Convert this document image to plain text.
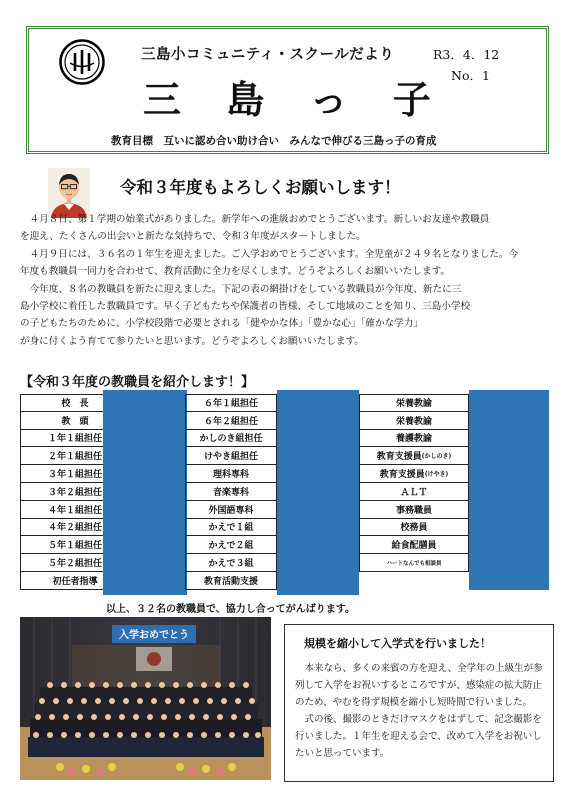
三島小コミュニティ・スクールだより
三 島 っ 子
R3．4．12
No．1
教育目標　互いに認め合い助け合い　みんなで伸びる三島っ子の育成
令和３年度もよろしくお願いします！

４月８日、第１学期の始業式がありました。新学年への進級おめでとうございます。新しいお友達や教職員

を迎え、たくさんの出会いと新たな気持ちで、令和３年度がスタートしました。

４月９日には、３６名の１年生を迎えました。ご入学おめでとうございます。全児童が２４９名となりました。今

年度も教職員一同力を合わせて、教育活動に全力を尽くします。どうぞよろしくお願いいたします。

今年度、８名の教職員を新たに迎えました。下記の表の網掛けをしている教職員が今年度、新たに三

島小学校に着任した教職員です。早く子どもたちや保護者の皆様、そして地域のことを知り、三島小学校

の子どもたちのために、小学校段階で必要とされる「健やかな体」「豊かな心」「確かな学力」

が身に付くよう育てて参りたいと思います。どうぞよろしくお願いいたします。

【令和３年度の教職員を紹介します！】
校　長
教　頭
１年１組担任
２年１組担任
３年１組担任
３年２組担任
４年１組担任
４年２組担任
５年１組担任
５年２組担任
初任者指導
６年１組担任
６年２組担任
かしのき組担任
けやき組担任
理科専科
音楽専科
外国語専科
かえで１組
かえで２組
かえで３組
教育活動支援
栄養教諭
栄養教諭
養護教諭
教育支援員 (かしのき)
教育支援員 (けやき)
ＡＬＴ
事務職員
校務員
給食配膳員
ハートなんでも相談員
以上、３２名の教職員で、協力し合ってがんばります。
入学おめでとう
規模を縮小して入学式を行いました！

本来なら、多くの来賓の方を迎え、全学年の上級生が参列して入学をお祝いするところですが、感染症の拡大防止のため、やむを得ず規模を縮小し短時間で行いました。

式の後、撮影のときだけマスクをはずして、記念撮影を行いました。１年生を迎える会で、改めて入学をお祝いしたいと思っています。
